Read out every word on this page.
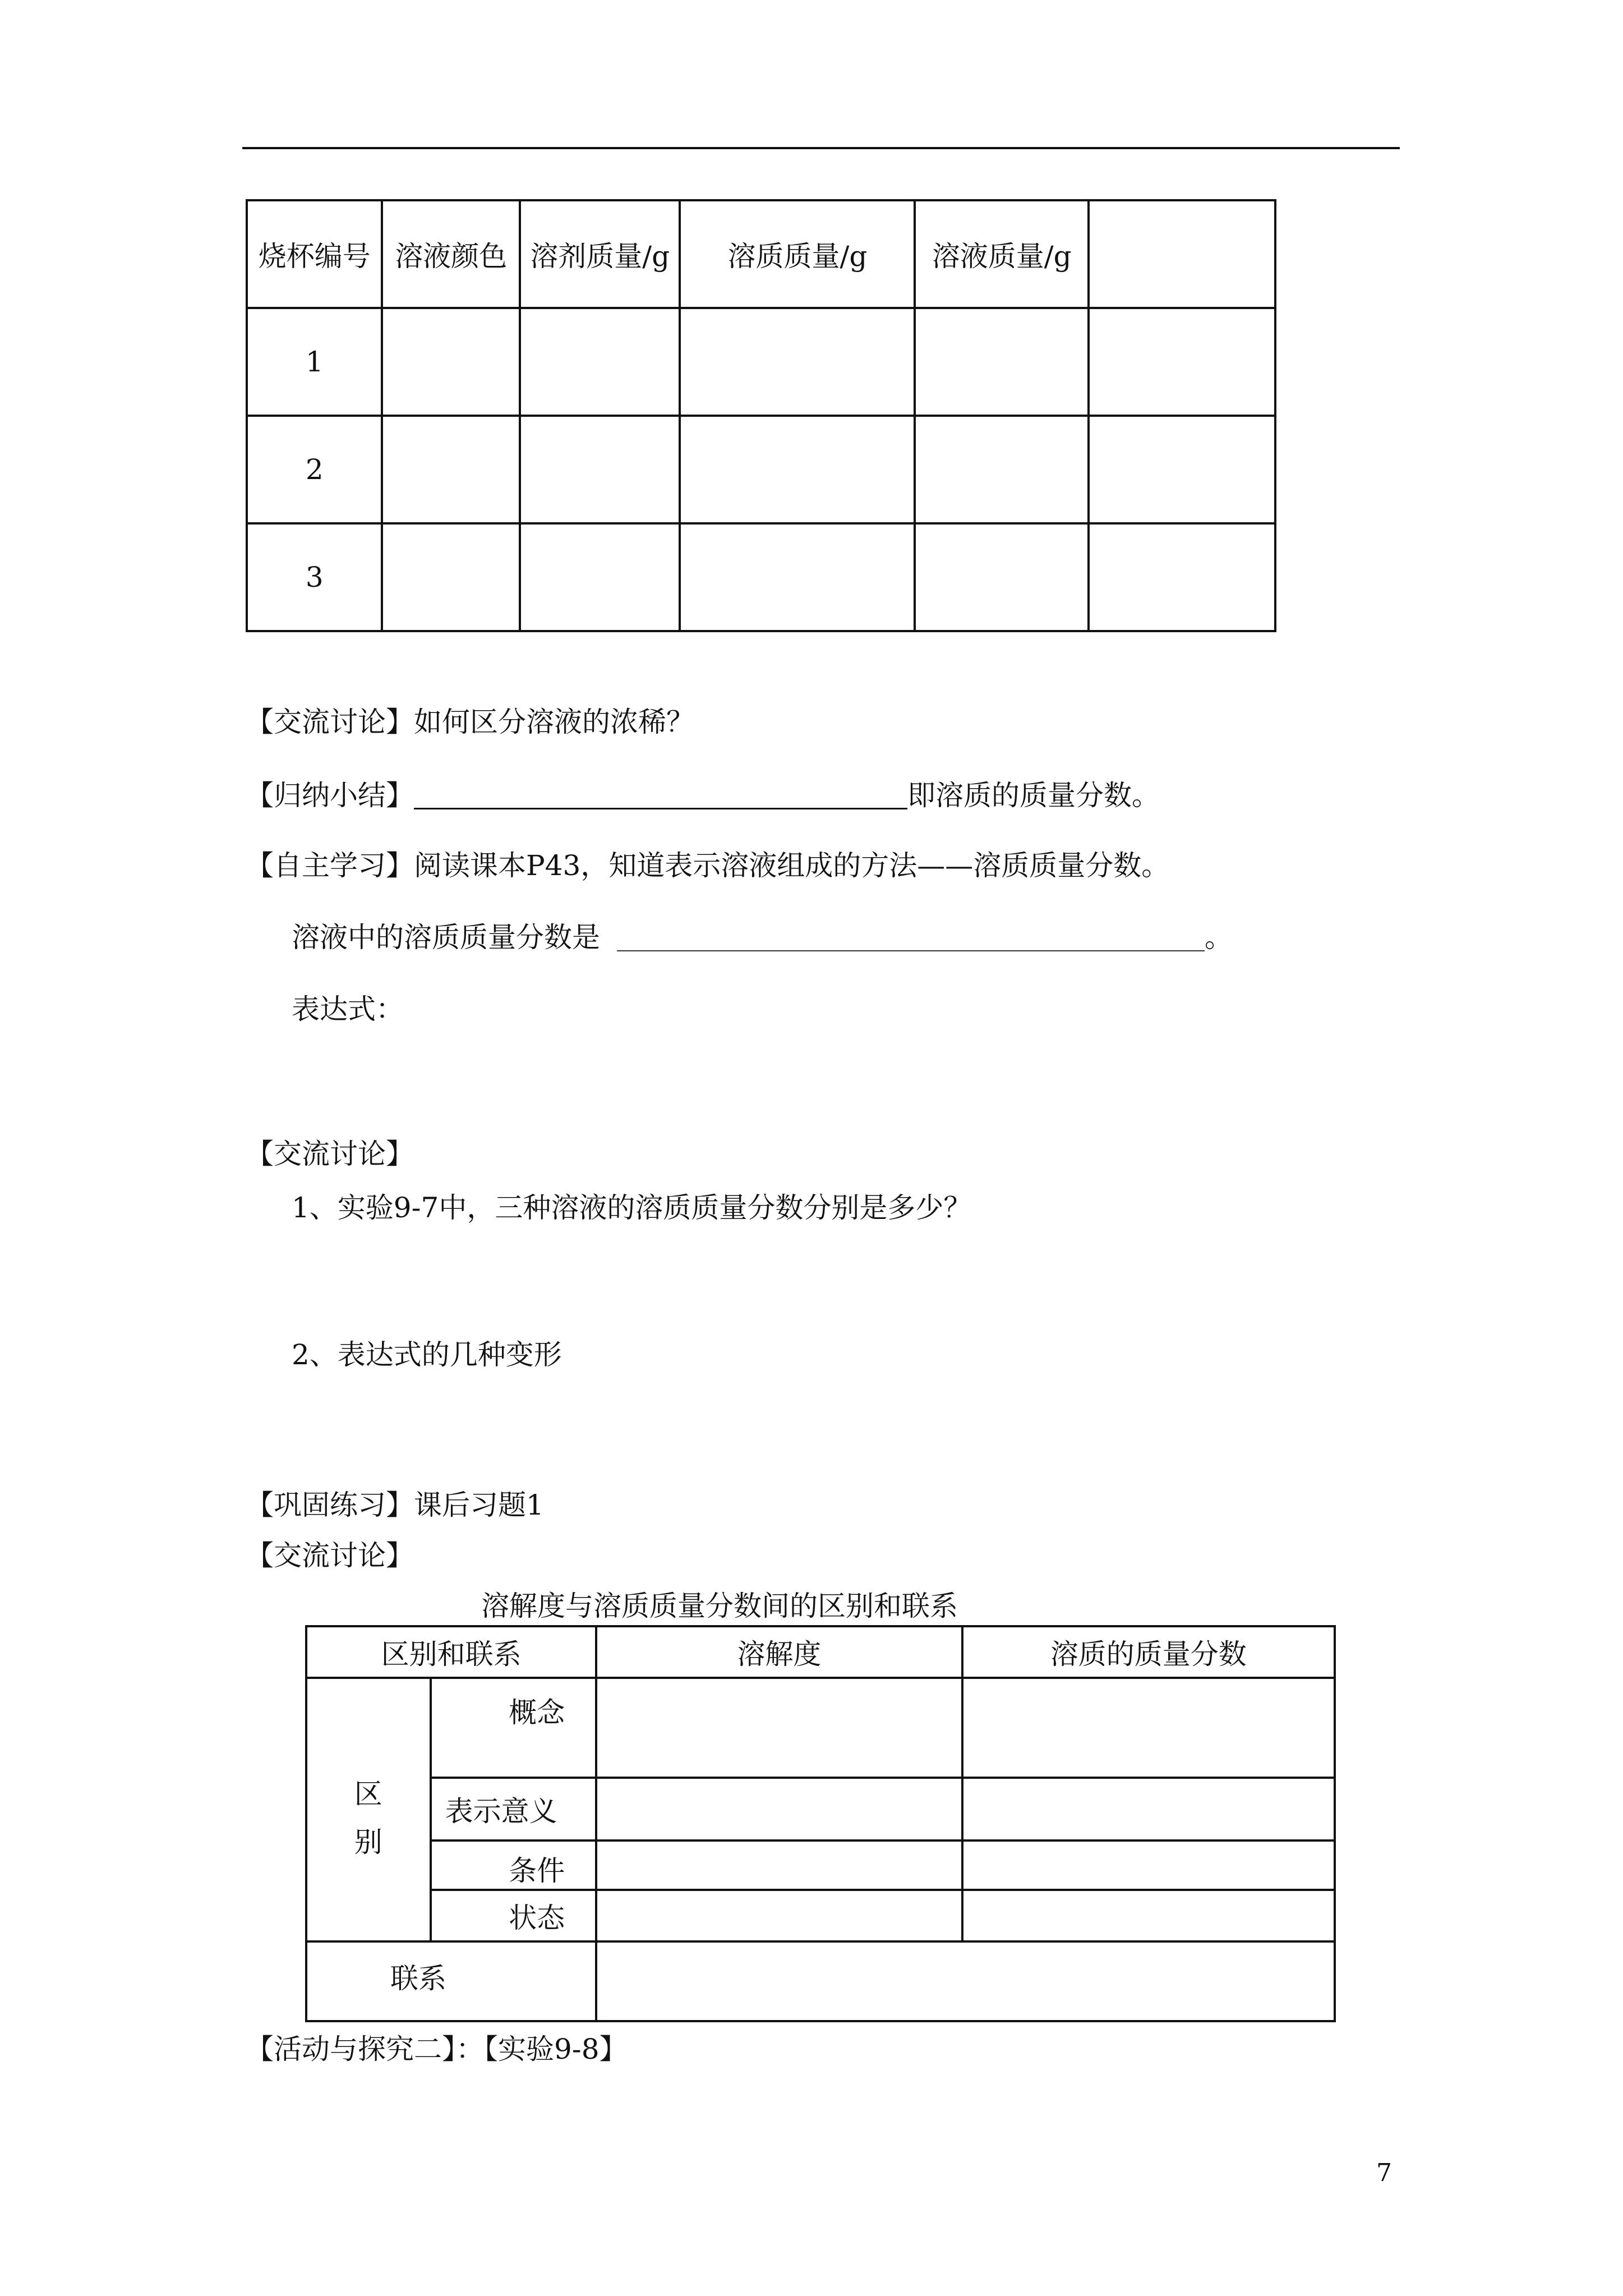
烧杯编号	溶液颜色	溶剂质量/g	溶质质量/g	溶液质量/g	
1					
2					
3					
【交流讨论】如何区分溶液的浓稀？
【归纳小结】	即溶质的质量分数。
【自主学习】阅读课本P43，知道表示溶液组成的方法——溶质质量分数。
溶液中的溶质质量分数是	。
表达式：
【交流讨论】
1、实验9-7中，三种溶液的溶质质量分数分别是多少？
2、表达式的几种变形
【巩固练习】课后习题1
【交流讨论】
溶解度与溶质质量分数间的区别和联系
区别和联系		溶解度	溶质的质量分数

区
别	概念		
	表示意义		
	条件		
	状态		
联系			
【活动与探究二】：【实验9-8】
7
